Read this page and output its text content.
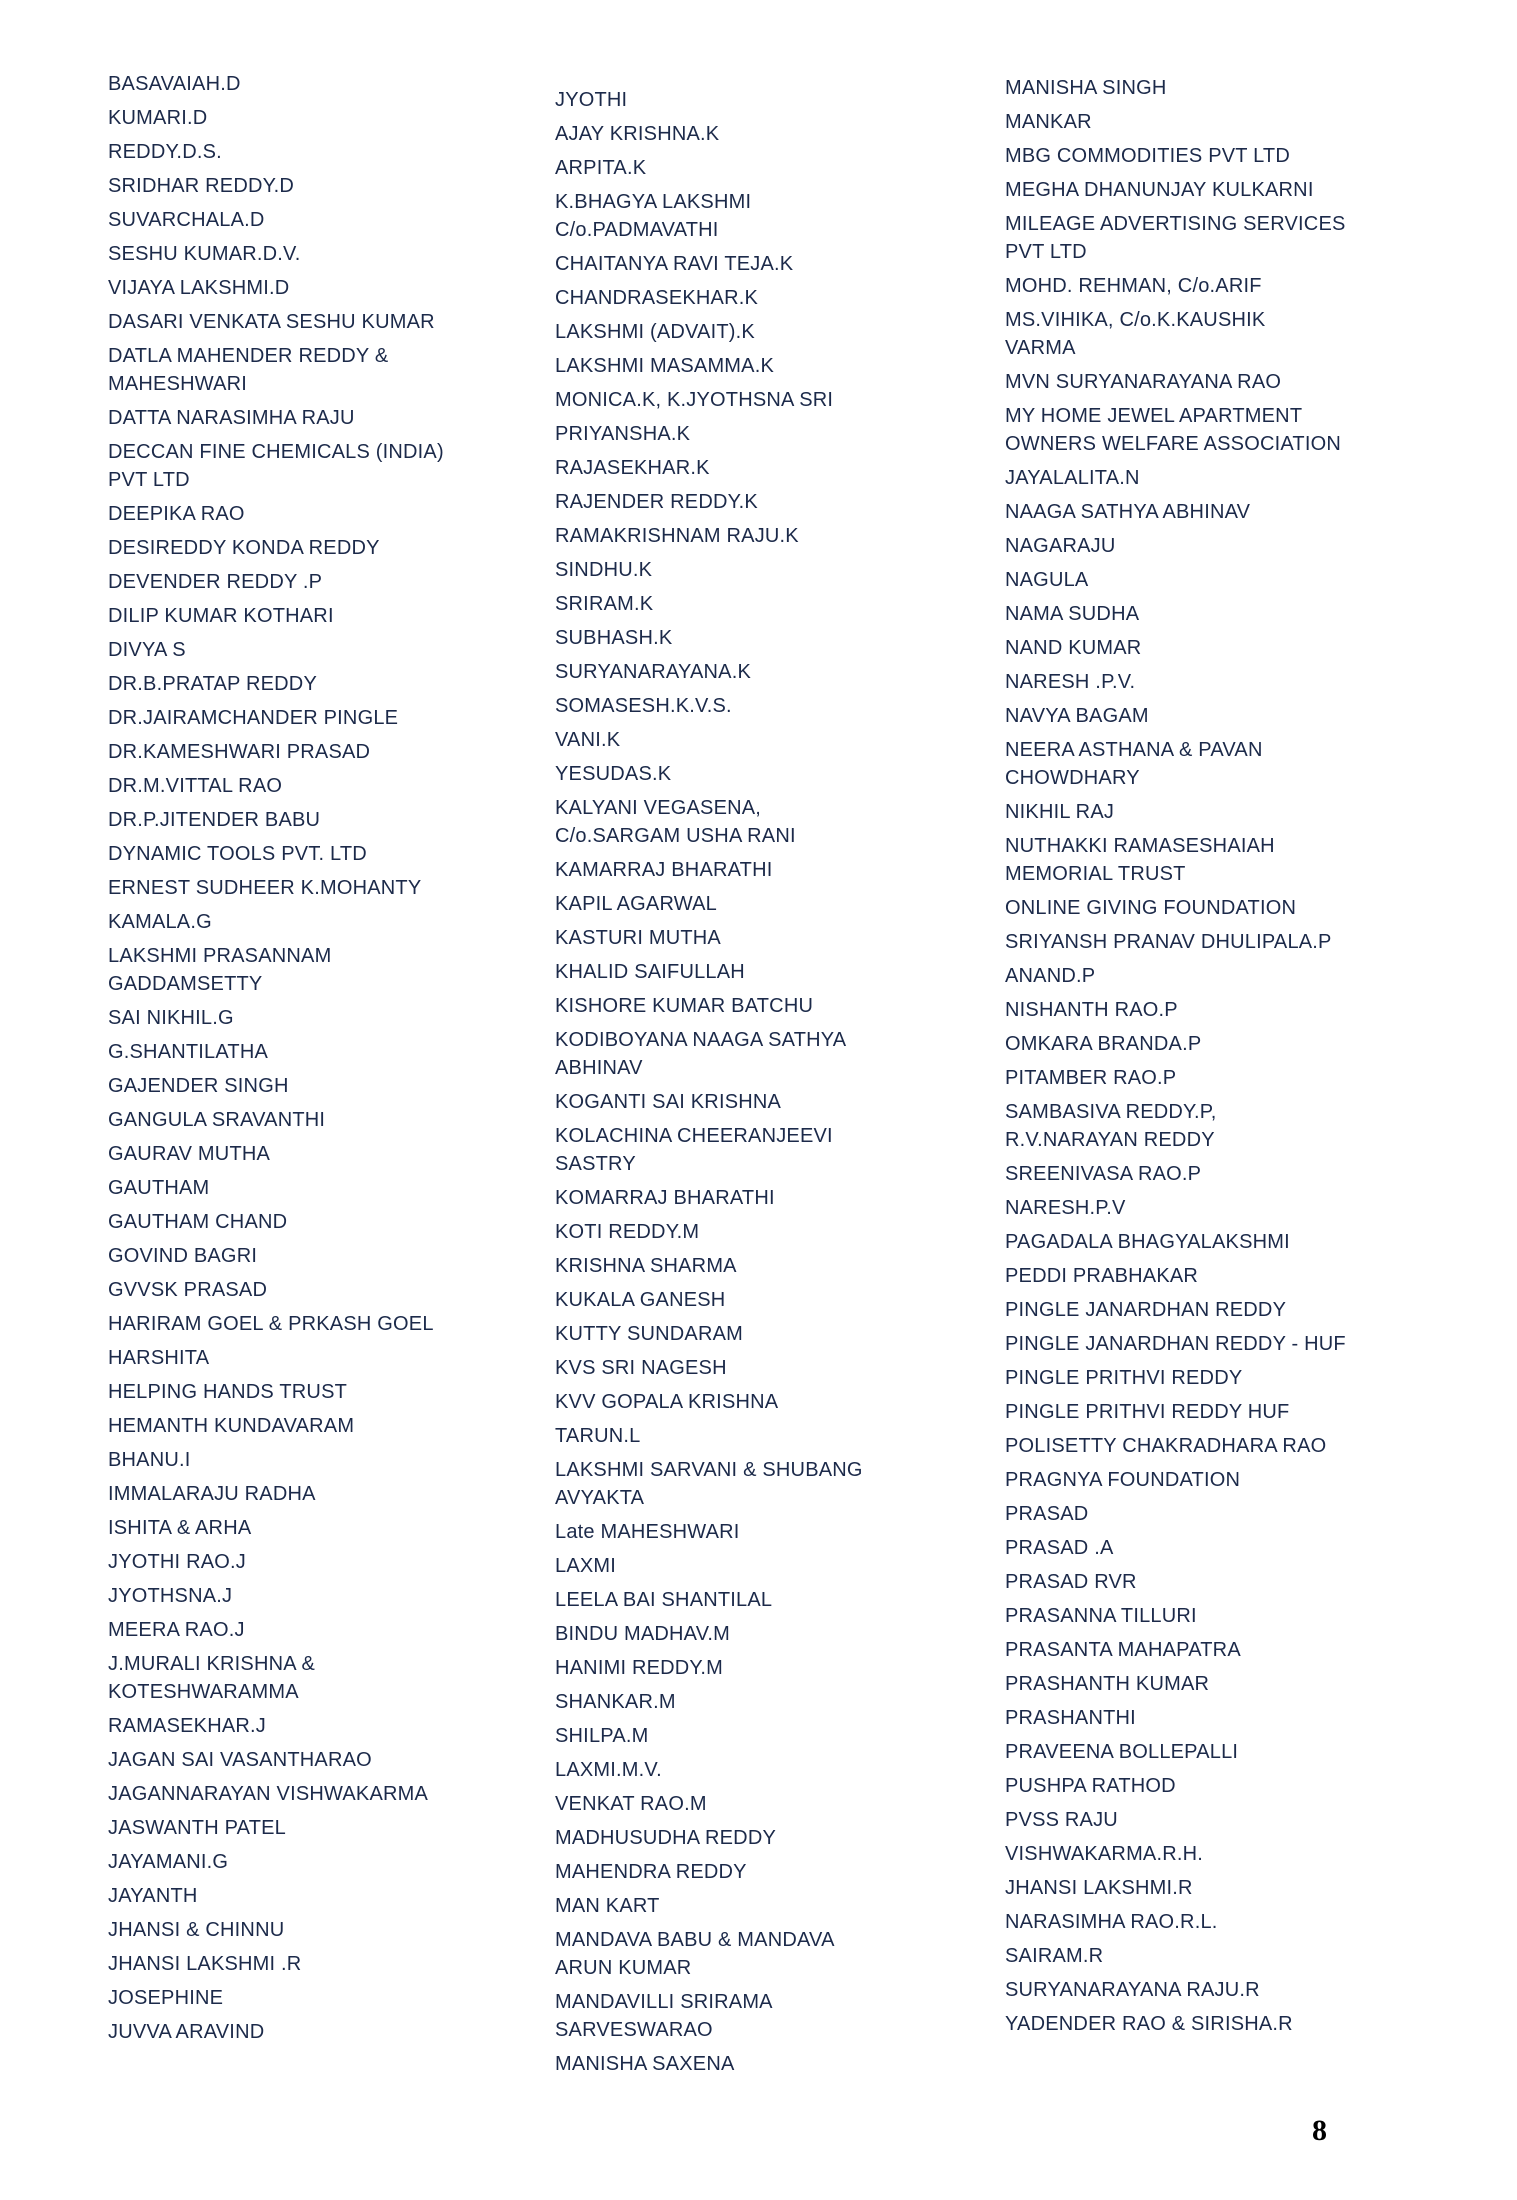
BASAVAIAH.D
KUMARI.D
REDDY.D.S.
SRIDHAR REDDY.D
SUVARCHALA.D
SESHU KUMAR.D.V.
VIJAYA LAKSHMI.D
DASARI VENKATA SESHU KUMAR
DATLA MAHENDER REDDY &
MAHESHWARI
DATTA NARASIMHA RAJU
DECCAN FINE CHEMICALS (INDIA)
PVT LTD
DEEPIKA RAO
DESIREDDY KONDA REDDY
DEVENDER REDDY .P
DILIP KUMAR KOTHARI
DIVYA S
DR.B.PRATAP REDDY
DR.JAIRAMCHANDER PINGLE
DR.KAMESHWARI PRASAD
DR.M.VITTAL RAO
DR.P.JITENDER BABU
DYNAMIC TOOLS PVT. LTD
ERNEST SUDHEER K.MOHANTY
KAMALA.G
LAKSHMI PRASANNAM
GADDAMSETTY
SAI NIKHIL.G
G.SHANTILATHA
GAJENDER SINGH
GANGULA SRAVANTHI
GAURAV MUTHA
GAUTHAM
GAUTHAM CHAND
GOVIND BAGRI
GVVSK PRASAD
HARIRAM GOEL & PRKASH GOEL
HARSHITA
HELPING HANDS TRUST
HEMANTH KUNDAVARAM
BHANU.I
IMMALARAJU RADHA
ISHITA & ARHA
JYOTHI RAO.J
JYOTHSNA.J
MEERA RAO.J
J.MURALI KRISHNA &
KOTESHWARAMMA
RAMASEKHAR.J
JAGAN SAI VASANTHARAO
JAGANNARAYAN VISHWAKARMA
JASWANTH PATEL
JAYAMANI.G
JAYANTH
JHANSI & CHINNU
JHANSI LAKSHMI .R
JOSEPHINE
JUVVA ARAVIND
JYOTHI
AJAY KRISHNA.K
ARPITA.K
K.BHAGYA LAKSHMI
C/o.PADMAVATHI
CHAITANYA RAVI TEJA.K
CHANDRASEKHAR.K
LAKSHMI (ADVAIT).K
LAKSHMI MASAMMA.K
MONICA.K, K.JYOTHSNA SRI
PRIYANSHA.K
RAJASEKHAR.K
RAJENDER REDDY.K
RAMAKRISHNAM RAJU.K
SINDHU.K
SRIRAM.K
SUBHASH.K
SURYANARAYANA.K
SOMASESH.K.V.S.
VANI.K
YESUDAS.K
KALYANI VEGASENA,
C/o.SARGAM USHA RANI
KAMARRAJ BHARATHI
KAPIL AGARWAL
KASTURI MUTHA
KHALID SAIFULLAH
KISHORE KUMAR BATCHU
KODIBOYANA NAAGA SATHYA
ABHINAV
KOGANTI SAI KRISHNA
KOLACHINA CHEERANJEEVI
SASTRY
KOMARRAJ BHARATHI
KOTI REDDY.M
KRISHNA SHARMA
KUKALA GANESH
KUTTY SUNDARAM
KVS SRI NAGESH
KVV GOPALA KRISHNA
TARUN.L
LAKSHMI SARVANI & SHUBANG
AVYAKTA
Late MAHESHWARI
LAXMI
LEELA BAI SHANTILAL
BINDU MADHAV.M
HANIMI REDDY.M
SHANKAR.M
SHILPA.M
LAXMI.M.V.
VENKAT RAO.M
MADHUSUDHA REDDY
MAHENDRA REDDY
MAN KART
MANDAVA BABU & MANDAVA
ARUN KUMAR
MANDAVILLI SRIRAMA
SARVESWARAO
MANISHA SAXENA
MANISHA SINGH
MANKAR
MBG COMMODITIES PVT LTD
MEGHA DHANUNJAY KULKARNI
MILEAGE ADVERTISING SERVICES
PVT LTD
MOHD. REHMAN, C/o.ARIF
MS.VIHIKA, C/o.K.KAUSHIK
VARMA
MVN SURYANARAYANA RAO
MY HOME JEWEL APARTMENT
OWNERS WELFARE ASSOCIATION
JAYALALITA.N
NAAGA SATHYA ABHINAV
NAGARAJU
NAGULA
NAMA SUDHA
NAND KUMAR
NARESH .P.V.
NAVYA BAGAM
NEERA ASTHANA & PAVAN
CHOWDHARY
NIKHIL RAJ
NUTHAKKI RAMASESHAIAH
MEMORIAL TRUST
ONLINE GIVING FOUNDATION
SRIYANSH PRANAV DHULIPALA.P
ANAND.P
NISHANTH RAO.P
OMKARA BRANDA.P
PITAMBER RAO.P
SAMBASIVA REDDY.P,
R.V.NARAYAN REDDY
SREENIVASA RAO.P
NARESH.P.V
PAGADALA BHAGYALAKSHMI
PEDDI PRABHAKAR
PINGLE JANARDHAN REDDY
PINGLE JANARDHAN REDDY - HUF
PINGLE PRITHVI REDDY
PINGLE PRITHVI REDDY HUF
POLISETTY CHAKRADHARA RAO
PRAGNYA FOUNDATION
PRASAD
PRASAD .A
PRASAD RVR
PRASANNA TILLURI
PRASANTA MAHAPATRA
PRASHANTH KUMAR
PRASHANTHI
PRAVEENA BOLLEPALLI
PUSHPA RATHOD
PVSS RAJU
VISHWAKARMA.R.H.
JHANSI LAKSHMI.R
NARASIMHA RAO.R.L.
SAIRAM.R
SURYANARAYANA RAJU.R
YADENDER RAO & SIRISHA.R
8
